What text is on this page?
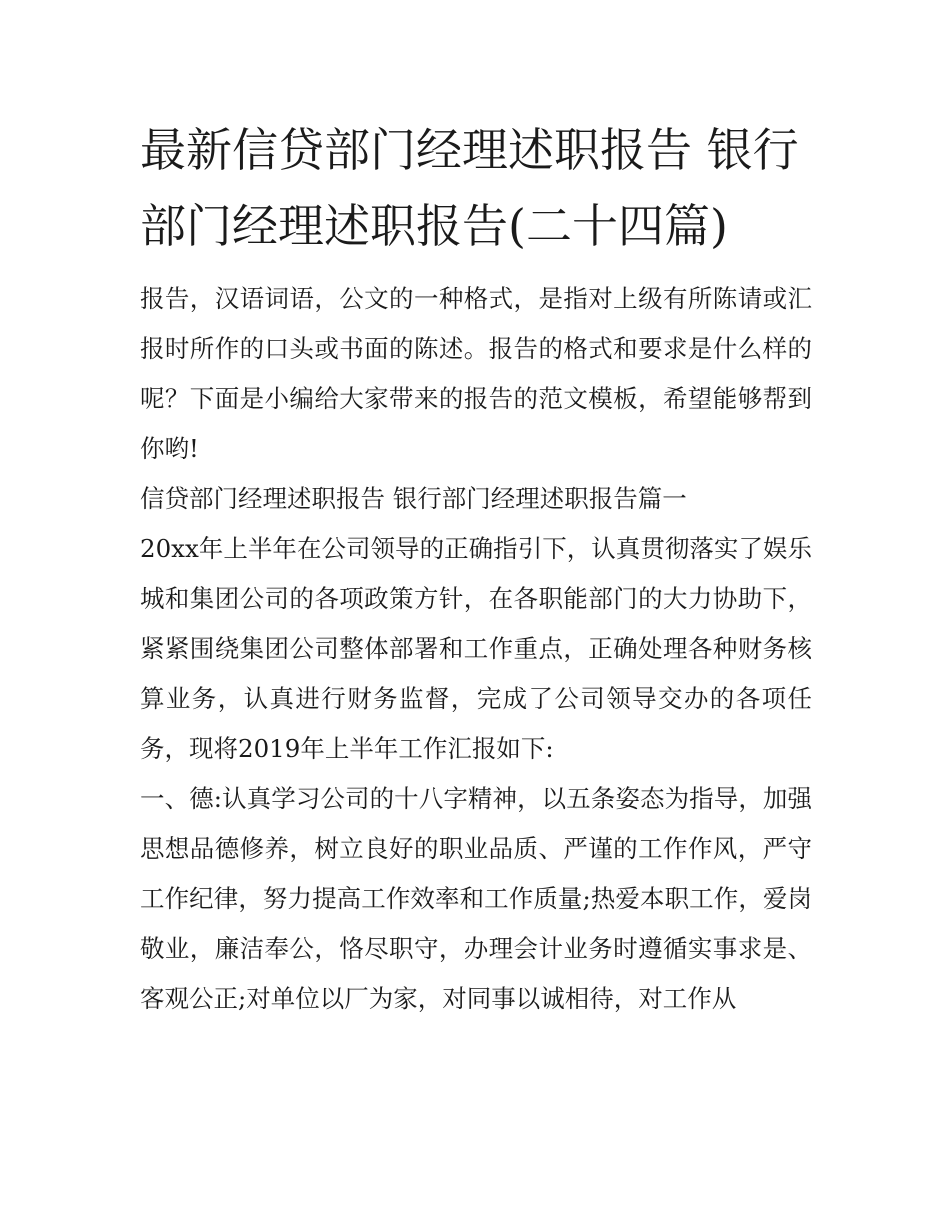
最新信贷部门经理述职报告 银行部门经理述职报告(二十四篇)

报告，汉语词语，公文的一种格式，是指对上级有所陈请或汇报时所作的口头或书面的陈述。报告的格式和要求是什么样的呢？下面是小编给大家带来的报告的范文模板，希望能够帮到你哟!

信贷部门经理述职报告 银行部门经理述职报告篇一

20xx年上半年在公司领导的正确指引下，认真贯彻落实了娱乐城和集团公司的各项政策方针，在各职能部门的大力协助下，紧紧围绕集团公司整体部署和工作重点，正确处理各种财务核算业务，认真进行财务监督，完成了公司领导交办的各项任务，现将2019年上半年工作汇报如下:

一、德:认真学习公司的十八字精神，以五条姿态为指导，加强思想品德修养，树立良好的职业品质、严谨的工作作风，严守工作纪律，努力提高工作效率和工作质量;热爱本职工作，爱岗敬业，廉洁奉公，恪尽职守，办理会计业务时遵循实事求是、客观公正;对单位以厂为家，对同事以诚相待，对工作从
